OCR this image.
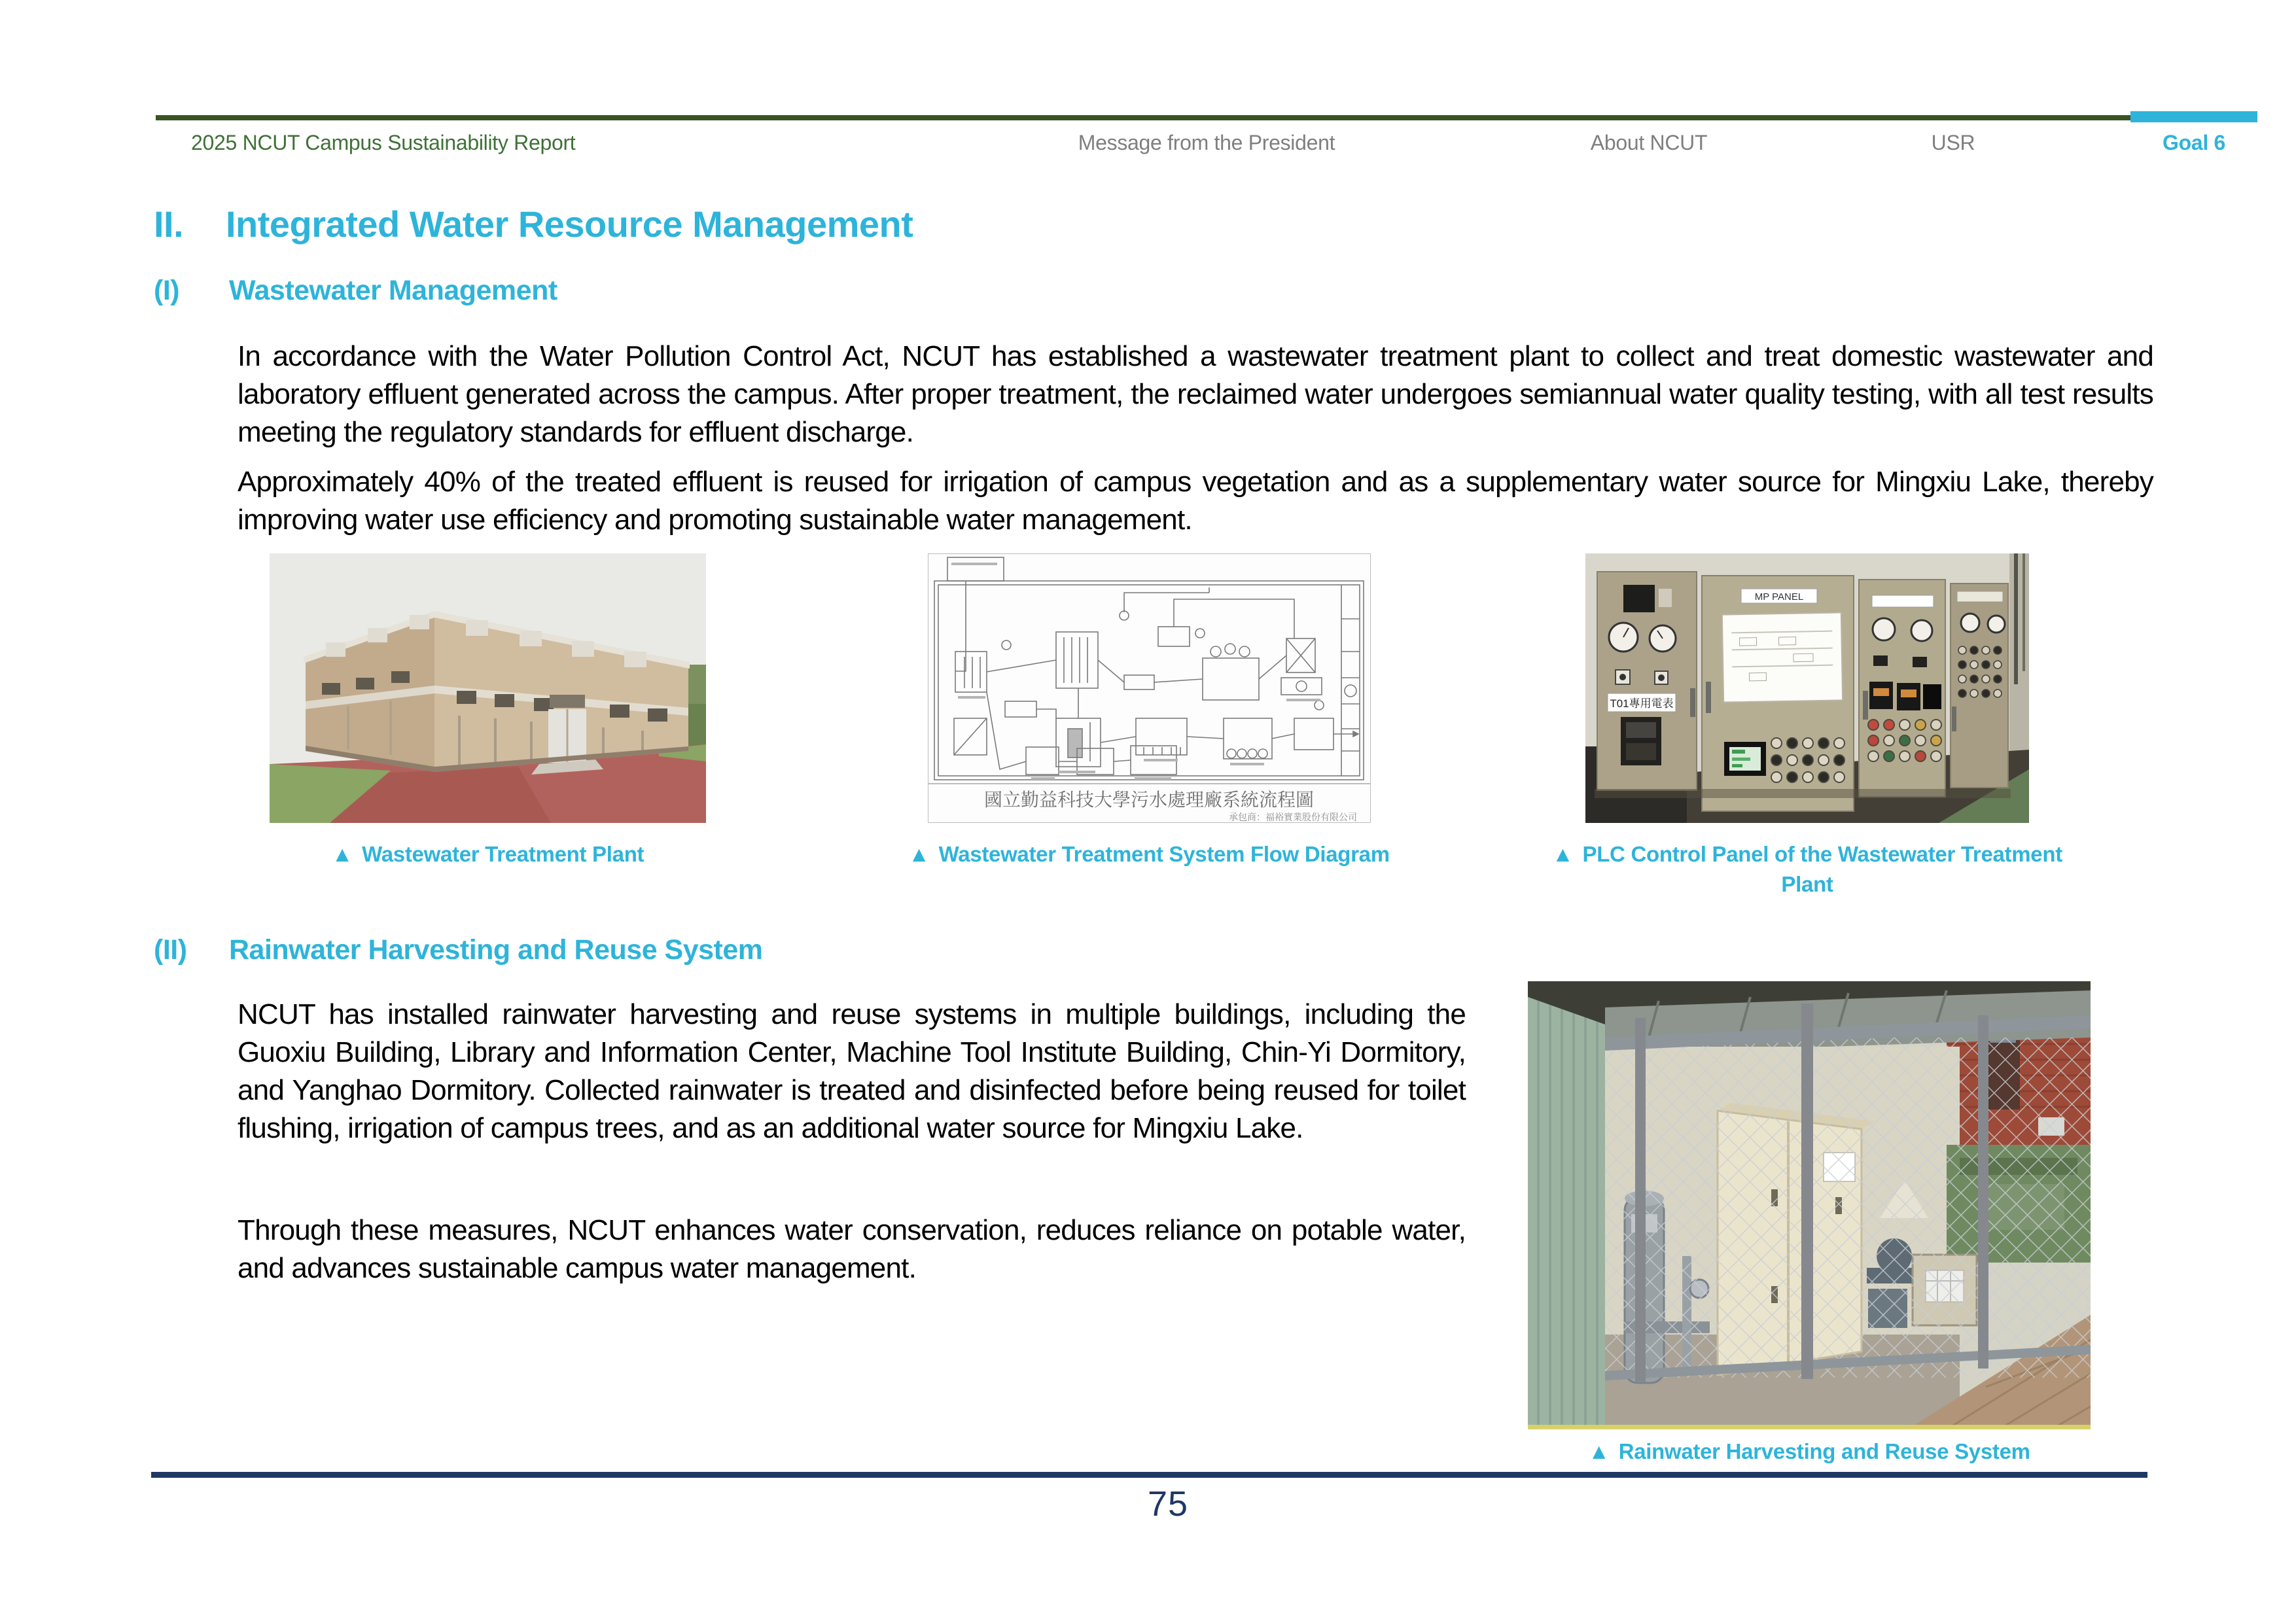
2025 NCUT Campus Sustainability Report	Message from the President	About NCUT	USR	Goal 6
II.	Integrated Water Resource Management
(I)	Wastewater Management
In accordance with the Water Pollution Control Act, NCUT has established a wastewater treatment plant to collect and treat domestic wastewater and laboratory effluent generated across the campus. After proper treatment, the reclaimed water undergoes semiannual water quality testing, with all test results meeting the regulatory standards for effluent discharge.
Approximately 40% of the treated effluent is reused for irrigation of campus vegetation and as a supplementary water source for Mingxiu Lake, thereby improving water use efficiency and promoting sustainable water management.
國立勤益科技大學污水處理廠系統流程圖
承包商：福裕實業股份有限公司
T01專用電表
MP PANEL
▲ Wastewater Treatment Plant	▲ Wastewater Treatment System Flow Diagram	▲ PLC Control Panel of the Wastewater Treatment Plant
(II)	Rainwater Harvesting and Reuse System
NCUT has installed rainwater harvesting and reuse systems in multiple buildings, including the Guoxiu Building, Library and Information Center, Machine Tool Institute Building, Chin-Yi Dormitory, and Yanghao Dormitory. Collected rainwater is treated and disinfected before being reused for toilet flushing, irrigation of campus trees, and as an additional water source for Mingxiu Lake.
Through these measures, NCUT enhances water conservation, reduces reliance on potable water, and advances sustainable campus water management.
▲ Rainwater Harvesting and Reuse System
75
